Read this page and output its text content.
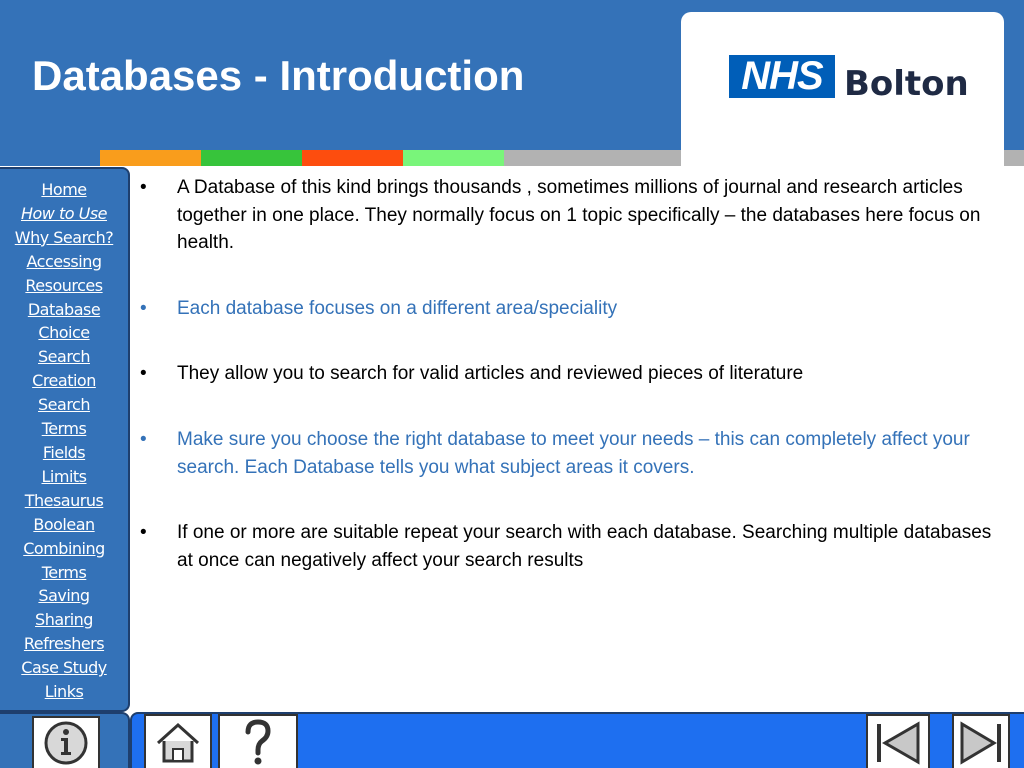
Databases - Introduction	NHS Bolton
Home
How to Use
Why Search?
Accessing
Resources
Database
Choice
Search
Creation
Search
Terms
Fields
Limits
Thesaurus
Boolean
Combining
Terms
Saving
Sharing
Refreshers
Case Study
Links
• A Database of this kind brings thousands , sometimes millions of journal and research articles together in one place. They normally focus on 1 topic specifically – the databases here focus on health.
• Each database focuses on a different area/speciality
• They allow you to search for valid articles and reviewed pieces of literature
• Make sure you choose the right database to meet your needs – this can completely affect your search. Each Database tells you what subject areas it covers.
• If one or more are suitable repeat your search with each database. Searching multiple databases at once can negatively affect your search results
